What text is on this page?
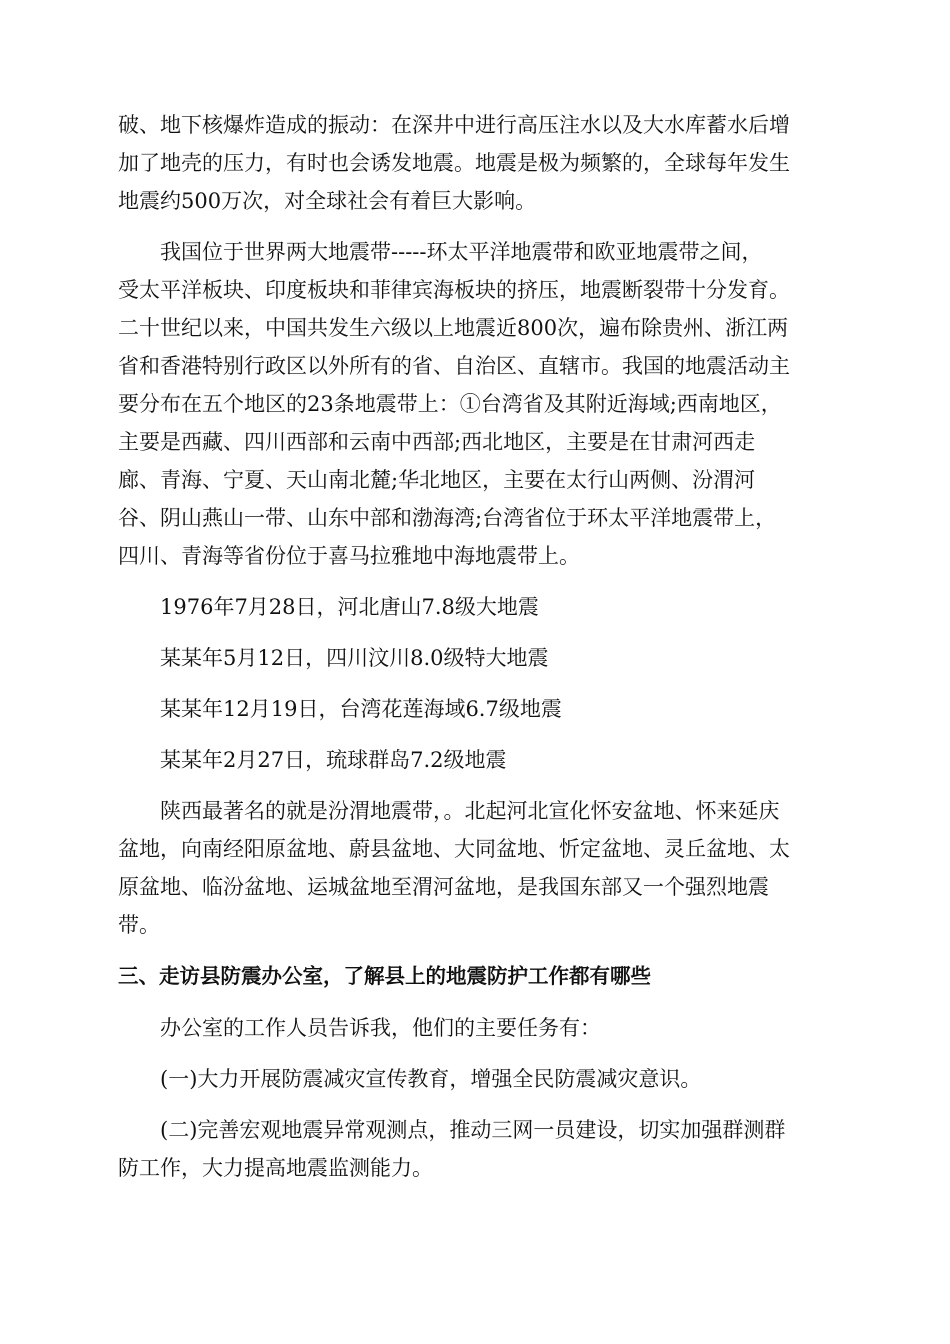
破、地下核爆炸造成的振动：在深井中进行高压注水以及大水库蓄水后增
加了地壳的压力，有时也会诱发地震。地震是极为频繁的，全球每年发生
地震约500万次，对全球社会有着巨大影响。

我国位于世界两大地震带-----环太平洋地震带和欧亚地震带之间，
受太平洋板块、印度板块和菲律宾海板块的挤压，地震断裂带十分发育。
二十世纪以来，中国共发生六级以上地震近800次，遍布除贵州、浙江两
省和香港特别行政区以外所有的省、自治区、直辖市。我国的地震活动主
要分布在五个地区的23条地震带上：①台湾省及其附近海域;西南地区，
主要是西藏、四川西部和云南中西部;西北地区，主要是在甘肃河西走
廊、青海、宁夏、天山南北麓;华北地区，主要在太行山两侧、汾渭河
谷、阴山燕山一带、山东中部和渤海湾;台湾省位于环太平洋地震带上，
四川、青海等省份位于喜马拉雅地中海地震带上。

1976年7月28日，河北唐山7.8级大地震

某某年5月12日，四川汶川8.0级特大地震

某某年12月19日，台湾花莲海域6.7级地震

某某年2月27日，琉球群岛7.2级地震

陕西最著名的就是汾渭地震带，。北起河北宣化怀安盆地、怀来延庆
盆地，向南经阳原盆地、蔚县盆地、大同盆地、忻定盆地、灵丘盆地、太
原盆地、临汾盆地、运城盆地至渭河盆地，是我国东部又一个强烈地震
带。

三、走访县防震办公室，了解县上的地震防护工作都有哪些

办公室的工作人员告诉我，他们的主要任务有：

(一)大力开展防震减灾宣传教育，增强全民防震减灾意识。

(二)完善宏观地震异常观测点，推动三网一员建设，切实加强群测群
防工作，大力提高地震监测能力。
